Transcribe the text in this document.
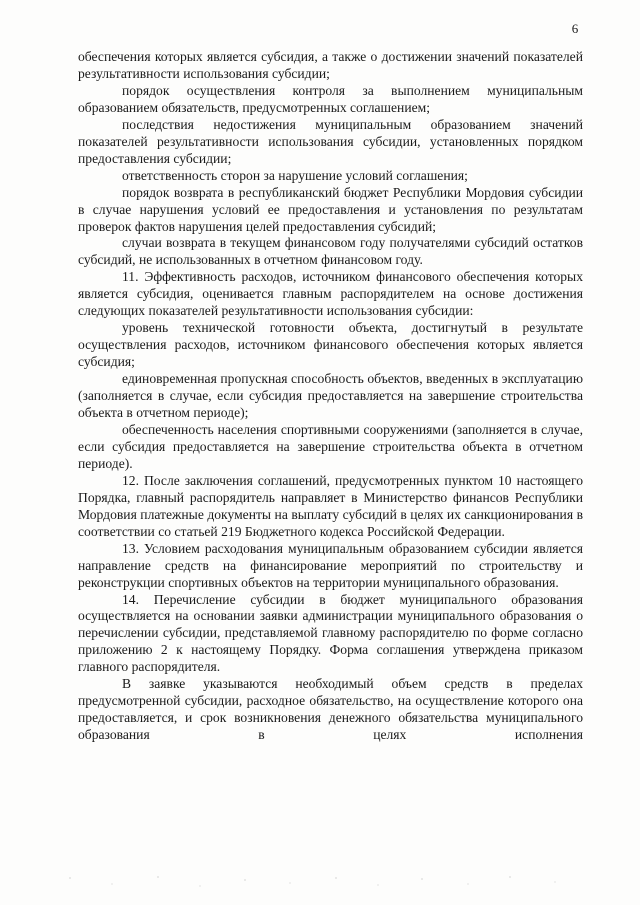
6

обеспечения которых является субсидия, а также о достижении значений показателей результативности использования субсидии;

порядок осуществления контроля за выполнением муниципальным образованием обязательств, предусмотренных соглашением;

последствия недостижения муниципальным образованием значений показателей результативности использования субсидии, установленных порядком предоставления субсидии;

ответственность сторон за нарушение условий соглашения;

порядок возврата в республиканский бюджет Республики Мордовия субсидии в случае нарушения условий ее предоставления и установления по результатам проверок фактов нарушения целей предоставления субсидий;

случаи возврата в текущем финансовом году получателями субсидий остатков субсидий, не использованных в отчетном финансовом году.

11. Эффективность расходов, источником финансового обеспечения которых является субсидия, оценивается главным распорядителем на основе достижения следующих показателей результативности использования субсидии:

уровень технической готовности объекта, достигнутый в результате осуществления расходов, источником финансового обеспечения которых является субсидия;

единовременная пропускная способность объектов, введенных в эксплуатацию (заполняется в случае, если субсидия предоставляется на завершение строительства объекта в отчетном периоде);

обеспеченность населения спортивными сооружениями (заполняется в случае, если субсидия предоставляется на завершение строительства объекта в отчетном периоде).

12. После заключения соглашений, предусмотренных пунктом 10 настоящего Порядка, главный распорядитель направляет в Министерство финансов Республики Мордовия платежные документы на выплату субсидий в целях их санкционирования в соответствии со статьей 219 Бюджетного кодекса Российской Федерации.

13. Условием расходования муниципальным образованием субсидии является направление средств на финансирование мероприятий по строительству и реконструкции спортивных объектов на территории муниципального образования.

14. Перечисление субсидии в бюджет муниципального образования осуществляется на основании заявки администрации муниципального образования о перечислении субсидии, представляемой главному распорядителю по форме согласно приложению 2 к настоящему Порядку. Форма соглашения утверждена приказом главного распорядителя.

В заявке указываются необходимый объем средств в пределах предусмотренной субсидии, расходное обязательство, на осуществление которого она предоставляется, и срок возникновения денежного обязательства муниципального образования в целях исполнения
